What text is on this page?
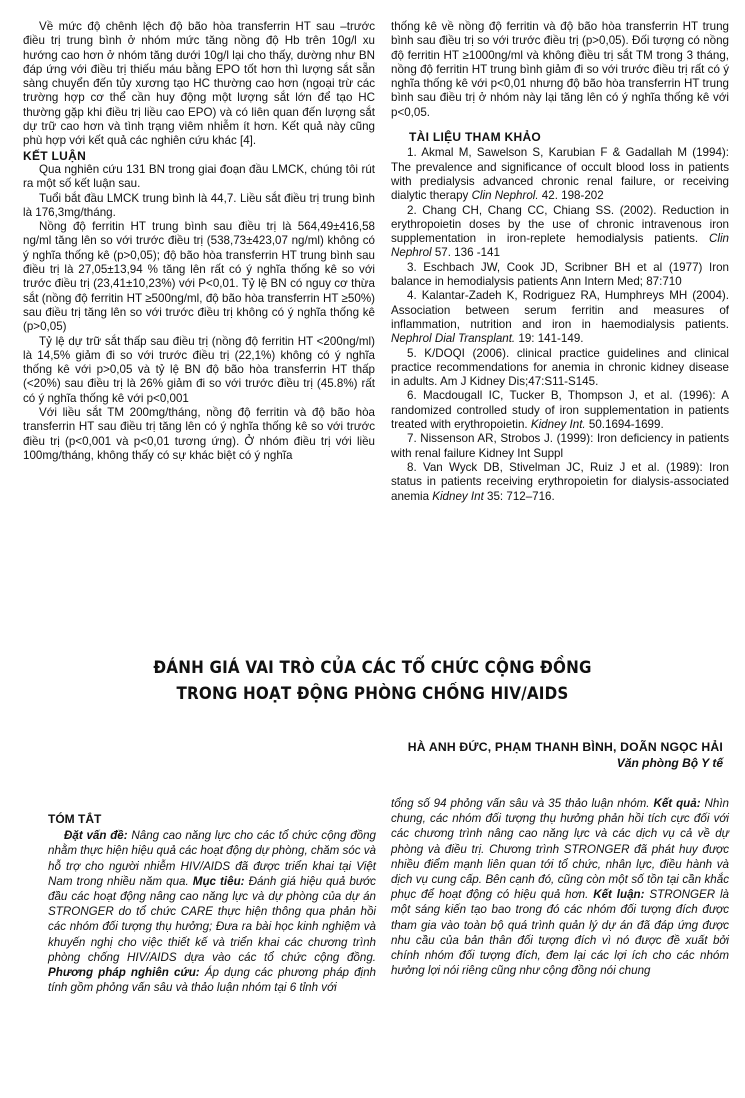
Về mức độ chênh lệch độ bão hòa transferrin HT sau –trước điều trị trung bình ở nhóm mức tăng nồng độ Hb trên 10g/l xu hướng cao hơn ở nhóm tăng dưới 10g/l lại cho thấy, dường như BN đáp ứng với điều trị thiếu máu bằng EPO tốt hơn thì lượng sắt sẵn sàng chuyển đến tủy xương tạo HC thường cao hơn (ngoại trừ các trường hợp cơ thể cần huy động một lượng sắt lớn để tạo HC thường gặp khi điều trị liều cao EPO) và có liên quan đến lượng sắt dự trữ cao hơn và tình trạng viêm nhiễm ít hơn. Kết quả này cũng phù hợp với kết quả các nghiên cứu khác [4].

KẾT LUẬN

Qua nghiên cứu 131 BN trong giai đoạn đầu LMCK, chúng tôi rút ra một số kết luận sau.

Tuổi bắt đầu LMCK trung bình là 44,7. Liều sắt điều trị trung bình là 176,3mg/tháng.

Nồng độ ferritin HT trung bình sau điều trị là 564,49±416,58 ng/ml tăng lên so với trước điều trị (538,73±423,07 ng/ml) không có ý nghĩa thống kê (p>0,05); độ bão hòa transferrin HT trung bình sau điều trị là 27,05±13,94 % tăng lên rất có ý nghĩa thống kê so với trước điều trị (23,41±10,23%) với P<0,01. Tỷ lệ BN có nguy cơ thừa sắt (nồng độ ferritin HT ≥500ng/ml, độ bão hòa transferrin HT ≥50%) sau điều trị tăng lên so với trước điều trị không có ý nghĩa thống kê (p>0,05)

Tỷ lệ dự trữ sắt thấp sau điều trị (nồng độ ferritin HT <200ng/ml) là 14,5% giảm đi so với trước điều trị (22,1%) không có ý nghĩa thống kê với p>0,05 và tỷ lệ BN độ bão hòa transferrin HT thấp (<20%) sau điều trị là 26% giảm đi so với trước điều trị (45.8%) rất có ý nghĩa thống kê với p<0,001

Với liều sắt TM 200mg/tháng, nồng độ ferritin và độ bão hòa transferrin HT sau điều trị tăng lên có ý nghĩa thống kê so với trước điều trị (p<0,001 và p<0,01 tương ứng). Ở nhóm điều trị với liều 100mg/tháng, không thấy có sự khác biệt có ý nghĩa

thống kê về nồng độ ferritin và độ bão hòa transferrin HT trung bình sau điều trị so với trước điều trị (p>0,05). Đối tượng có nồng độ ferritin HT ≥1000ng/ml và không điều trị sắt TM trong 3 tháng, nồng độ ferritin HT trung bình giảm đi so với trước điều trị rất có ý nghĩa thống kê với p<0,01 nhưng độ bão hòa transferrin HT trung bình sau điều trị ở nhóm này lại tăng lên có ý nghĩa thống kê với p<0,05.

TÀI LIỆU THAM KHẢO

1. Akmal M, Sawelson S, Karubian F & Gadallah M (1994): The prevalence and significance of occult blood loss in patients with predialysis advanced chronic renal failure, or receiving dialytic therapy Clin Nephrol. 42. 198-202

2. Chang CH, Chang CC, Chiang SS. (2002). Reduction in erythropoietin doses by the use of chronic intravenous iron supplementation in iron-replete hemodialysis patients. Clin Nephrol 57. 136 -141

3. Eschbach JW, Cook JD, Scribner BH et al (1977) Iron balance in hemodialysis patients Ann Intern Med; 87:710

4. Kalantar-Zadeh K, Rodriguez RA, Humphreys MH (2004). Association between serum ferritin and measures of inflammation, nutrition and iron in haemodialysis patients. Nephrol Dial Transplant. 19: 141-149.

5. K/DOQI (2006). clinical practice guidelines and clinical practice recommendations for anemia in chronic kidney disease in adults. Am J Kidney Dis;47:S11-S145.

6. Macdougall IC, Tucker B, Thompson J, et al. (1996): A randomized controlled study of iron supplementation in patients treated with erythropoietin. Kidney Int. 50.1694-1699.

7. Nissenson AR, Strobos J. (1999): Iron deficiency in patients with renal failure Kidney Int Suppl

8. Van Wyck DB, Stivelman JC, Ruiz J et al. (1989): Iron status in patients receiving erythropoietin for dialysis-associated anemia Kidney Int 35: 712–716.

ĐÁNH GIÁ VAI TRÒ CỦA CÁC TỔ CHỨC CỘNG ĐỒNG
TRONG HOẠT ĐỘNG PHÒNG CHỐNG HIV/AIDS
HÀ ANH ĐỨC, PHẠM THANH BÌNH, DOÃN NGỌC HẢI
Văn phòng Bộ Y tế
TÓM TẮT

Đặt vấn đề: Nâng cao năng lực cho các tổ chức cộng đồng nhằm thực hiện hiệu quả các hoạt động dự phòng, chăm sóc và hỗ trợ cho người nhiễm HIV/AIDS đã được triển khai tại Việt Nam trong nhiều năm qua. Mục tiêu: Đánh giá hiệu quả bước đầu các hoạt động nâng cao năng lực và dự phòng của dự án STRONGER do tổ chức CARE thực hiện thông qua phản hồi các nhóm đối tượng thụ hưởng; Đưa ra bài học kinh nghiệm và khuyến nghị cho việc thiết kế và triển khai các chương trình phòng chống HIV/AIDS dựa vào các tổ chức cộng đồng. Phương pháp nghiên cứu: Áp dụng các phương pháp định tính gồm phỏng vấn sâu và thảo luận nhóm tại 6 tỉnh với

tổng số 94 phỏng vấn sâu và 35 thảo luận nhóm. Kết quả: Nhìn chung, các nhóm đối tượng thụ hưởng phản hồi tích cực đối với các chương trình nâng cao năng lực và các dịch vụ cả về dự phòng và điều trị. Chương trình STRONGER đã phát huy được nhiều điểm mạnh liên quan tới tổ chức, nhân lực, điều hành và dịch vụ cung cấp. Bên cạnh đó, cũng còn một số tồn tại cần khắc phục để hoạt động có hiệu quả hơn. Kết luận: STRONGER là một sáng kiến tạo bao trong đó các nhóm đối tượng đích được tham gia vào toàn bộ quá trình quản lý dự án đã đáp ứng được nhu cầu của bản thân đối tượng đích vì nó được đề xuất bởi chính nhóm đối tượng đích, đem lại các lợi ích cho các nhóm hưởng lợi nói riêng cũng như cộng đồng nói chung
